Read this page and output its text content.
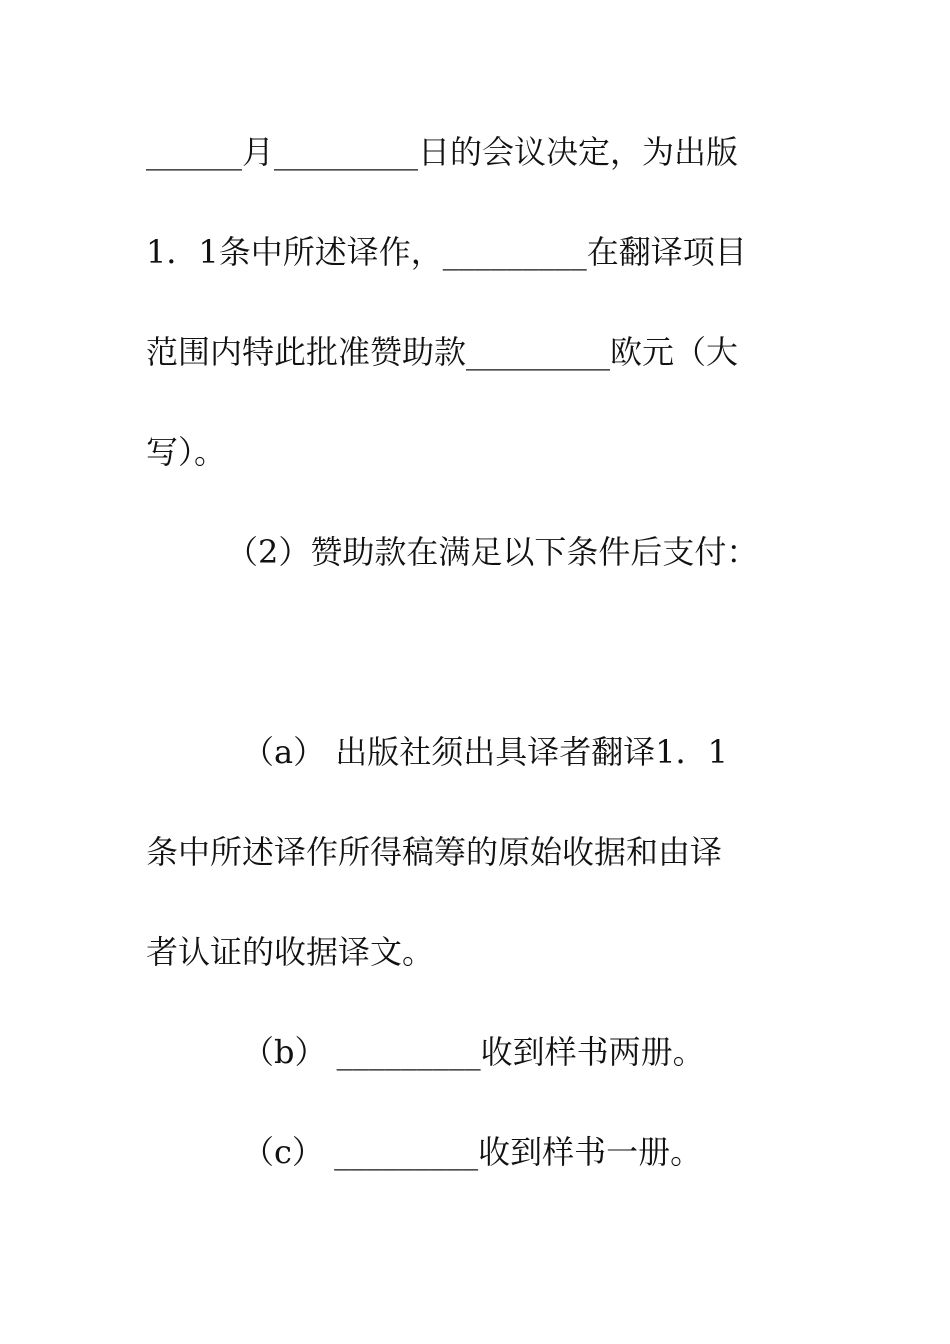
______月_________日的会议决定，为出版
1．1条中所述译作，_________在翻译项目
范围内特此批准赞助款_________欧元（大
写）。
（2）赞助款在满足以下条件后支付：
（a） 出版社须出具译者翻译1．1
条中所述译作所得稿筹的原始收据和由译
者认证的收据译文。
（b） _________收到样书两册。
（c） _________收到样书一册。
